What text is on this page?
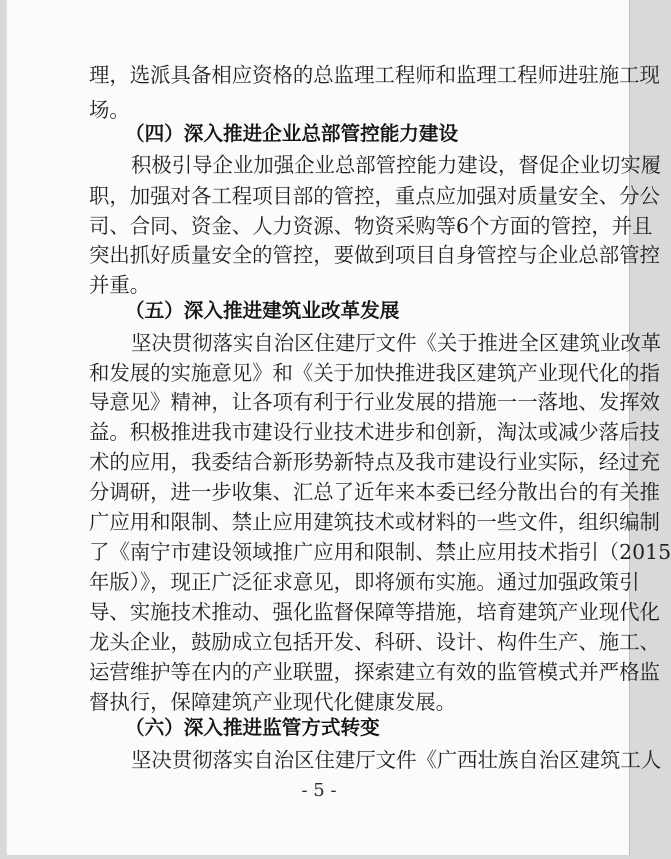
理，选派具备相应资格的总监理工程师和监理工程师进驻施工现
场。
（四）深入推进企业总部管控能力建设
积极引导企业加强企业总部管控能力建设，督促企业切实履
职，加强对各工程项目部的管控，重点应加强对质量安全、分公
司、合同、资金、人力资源、物资采购等6个方面的管控，并且
突出抓好质量安全的管控，要做到项目自身管控与企业总部管控
并重。
（五）深入推进建筑业改革发展
坚决贯彻落实自治区住建厅文件《关于推进全区建筑业改革
和发展的实施意见》和《关于加快推进我区建筑产业现代化的指
导意见》精神，让各项有利于行业发展的措施一一落地、发挥效
益。积极推进我市建设行业技术进步和创新，淘汰或减少落后技
术的应用，我委结合新形势新特点及我市建设行业实际，经过充
分调研，进一步收集、汇总了近年来本委已经分散出台的有关推
广应用和限制、禁止应用建筑技术或材料的一些文件，组织编制
了《南宁市建设领域推广应用和限制、禁止应用技术指引（2015
年版）》，现正广泛征求意见，即将颁布实施。通过加强政策引
导、实施技术推动、强化监督保障等措施，培育建筑产业现代化
龙头企业，鼓励成立包括开发、科研、设计、构件生产、施工、
运营维护等在内的产业联盟，探索建立有效的监管模式并严格监
督执行，保障建筑产业现代化健康发展。
（六）深入推进监管方式转变
坚决贯彻落实自治区住建厅文件《广西壮族自治区建筑工人
- 5 -
